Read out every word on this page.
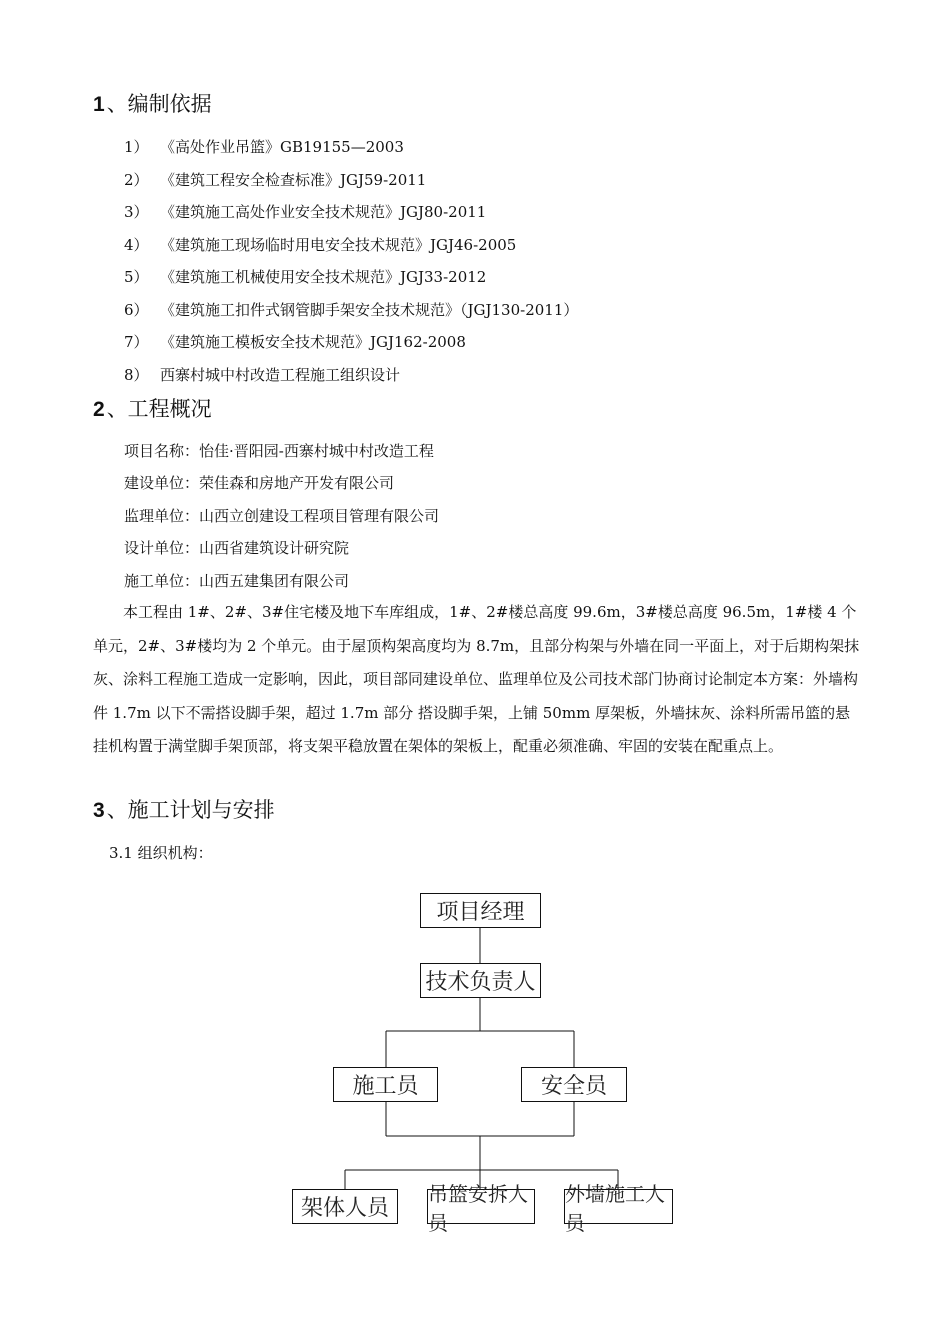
1、编制依据
1） 《高处作业吊篮》GB19155—2003
2） 《建筑工程安全检查标准》JGJ59-2011
3） 《建筑施工高处作业安全技术规范》JGJ80-2011
4） 《建筑施工现场临时用电安全技术规范》JGJ46-2005
5） 《建筑施工机械使用安全技术规范》JGJ33-2012
6） 《建筑施工扣件式钢管脚手架安全技术规范》（JGJ130-2011）
7） 《建筑施工模板安全技术规范》JGJ162-2008
8） 西寨村城中村改造工程施工组织设计
2、工程概况
项目名称：怡佳·晋阳园-西寨村城中村改造工程
建设单位：荣佳森和房地产开发有限公司
监理单位：山西立创建设工程项目管理有限公司
设计单位：山西省建筑设计研究院
施工单位：山西五建集团有限公司
本工程由 1#、2#、3#住宅楼及地下车库组成，1#、2#楼总高度 99.6m，3#楼总高度 96.5m，1#楼 4 个单元，2#、3#楼均为 2 个单元。由于屋顶构架高度均为 8.7m，且部分构架与外墙在同一平面上，对于后期构架抹灰、涂料工程施工造成一定影响，因此，项目部同建设单位、监理单位及公司技术部门协商讨论制定本方案：外墙构件 1.7m 以下不需搭设脚手架，超过 1.7m 部分 搭设脚手架，上铺 50mm 厚架板，外墙抹灰、涂料所需吊篮的悬挂机构置于满堂脚手架顶部，将支架平稳放置在架体的架板上，配重必须准确、牢固的安装在配重点上。
3、施工计划与安排
3.1 组织机构：
项目经理
技术负责人
施工员	安全员
架体人员
吊篮安拆人员
外墙施工人员
